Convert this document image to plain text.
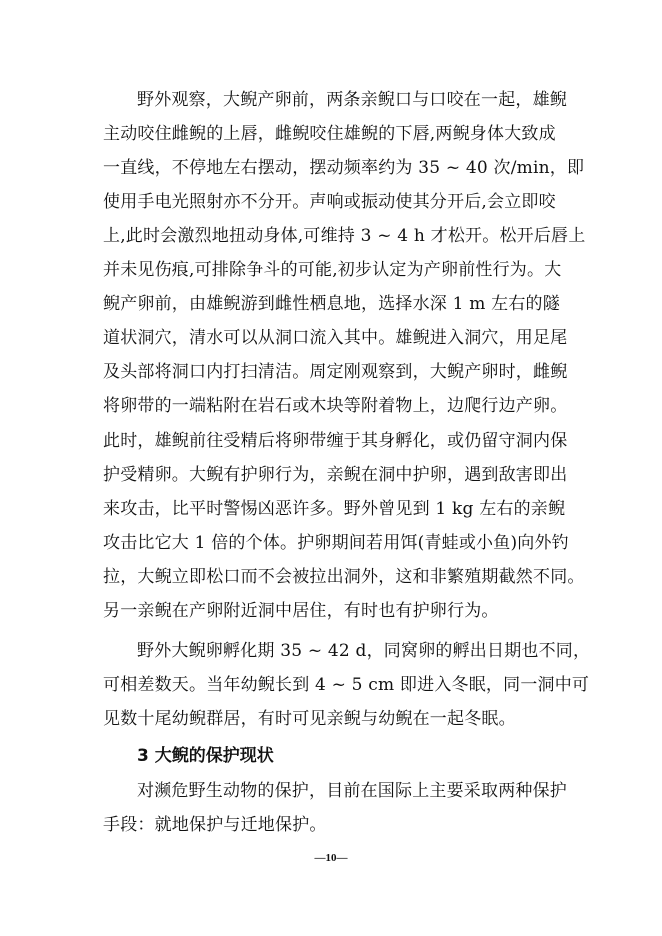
野外观察，大鲵产卵前，两条亲鲵口与口咬在一起，雄鲵
主动咬住雌鲵的上唇，雌鲵咬住雄鲵的下唇,两鲵身体大致成
一直线，不停地左右摆动，摆动频率约为 35 ~ 40 次/min，即
使用手电光照射亦不分开。声响或振动使其分开后,会立即咬
上,此时会激烈地扭动身体,可维持 3 ~ 4 h 才松开。松开后唇上
并未见伤痕,可排除争斗的可能,初步认定为产卵前性行为。大
鲵产卵前，由雄鲵游到雌性栖息地，选择水深 1 m 左右的隧
道状洞穴，清水可以从洞口流入其中。雄鲵进入洞穴，用足尾
及头部将洞口内打扫清洁。周定刚观察到，大鲵产卵时，雌鲵
将卵带的一端粘附在岩石或木块等附着物上，边爬行边产卵。
此时，雄鲵前往受精后将卵带缠于其身孵化，或仍留守洞内保
护受精卵。大鲵有护卵行为，亲鲵在洞中护卵，遇到敌害即出
来攻击，比平时警惕凶恶许多。野外曾见到 1 kg 左右的亲鲵
攻击比它大 1 倍的个体。护卵期间若用饵(青蛙或小鱼)向外钓
拉，大鲵立即松口而不会被拉出洞外，这和非繁殖期截然不同。
另一亲鲵在产卵附近洞中居住，有时也有护卵行为。
野外大鲵卵孵化期 35 ~ 42 d，同窝卵的孵出日期也不同，
可相差数天。当年幼鲵长到 4 ~ 5 cm 即进入冬眠，同一洞中可
见数十尾幼鲵群居，有时可见亲鲵与幼鲵在一起冬眠。
3 大鲵的保护现状
对濒危野生动物的保护，目前在国际上主要采取两种保护
手段：就地保护与迁地保护。
—10—
